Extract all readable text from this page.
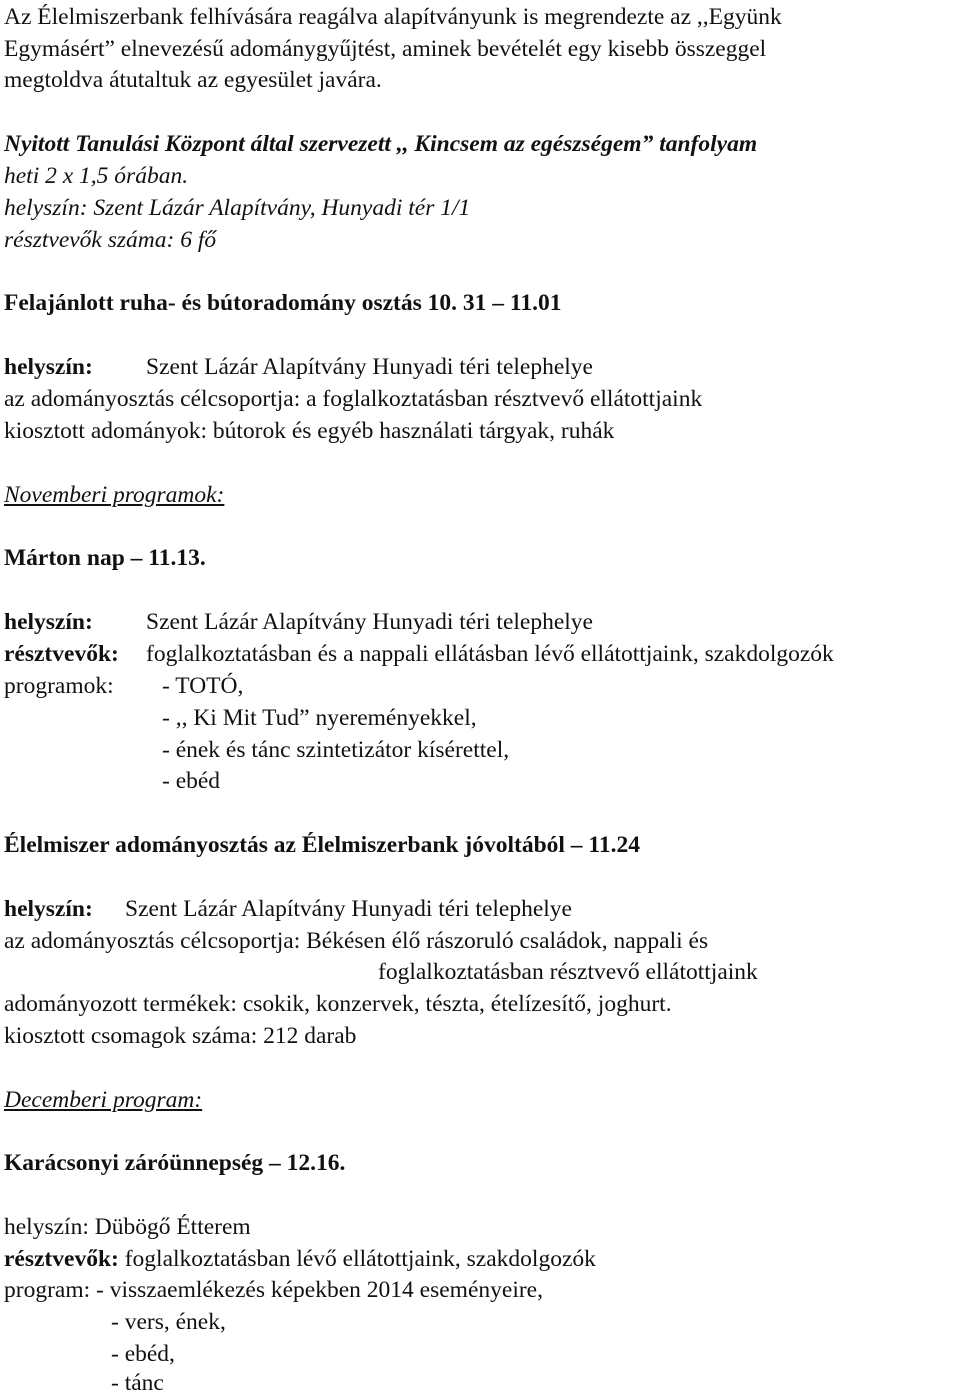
Az Élelmiszerbank felhívására reagálva alapítványunk is megrendezte az ,,Együnk
Egymásért” elnevezésű adománygyűjtést, aminek bevételét egy kisebb összeggel
megtoldva átutaltuk az egyesület javára.
Nyitott Tanulási Központ által szervezett ,, Kincsem az egészségem” tanfolyam
heti 2 x 1,5 órában.
helyszín: Szent Lázár Alapítvány, Hunyadi tér 1/1
résztvevők száma: 6 fő
Felajánlott ruha- és bútoradomány osztás 10. 31 – 11.01
helyszín: Szent Lázár Alapítvány Hunyadi téri telephelye
az adományosztás célcsoportja: a foglalkoztatásban résztvevő ellátottjaink
kiosztott adományok: bútorok és egyéb használati tárgyak, ruhák
Novemberi programok:
Márton nap – 11.13.
helyszín: Szent Lázár Alapítvány Hunyadi téri telephelye
résztvevők: foglalkoztatásban és a nappali ellátásban lévő ellátottjaink, szakdolgozók
programok: - TOTÓ,
- ,, Ki Mit Tud” nyereményekkel,
- ének és tánc szintetizátor kísérettel,
- ebéd
Élelmiszer adományosztás az Élelmiszerbank jóvoltából – 11.24
helyszín: Szent Lázár Alapítvány Hunyadi téri telephelye
az adományosztás célcsoportja: Békésen élő rászoruló családok, nappali és
foglalkoztatásban résztvevő ellátottjaink
adományozott termékek: csokik, konzervek, tészta, ételízesítő, joghurt.
kiosztott csomagok száma: 212 darab
Decemberi program:
Karácsonyi záróünnepség – 12.16.
helyszín: Dübögő Étterem
résztvevők: foglalkoztatásban lévő ellátottjaink, szakdolgozók
program: - visszaemlékezés képekben 2014 eseményeire,
- vers, ének,
- ebéd,
- tánc
